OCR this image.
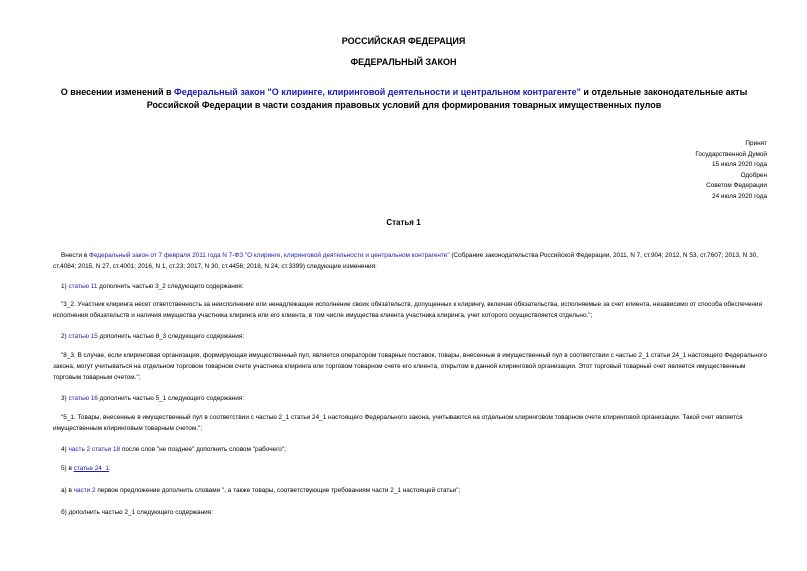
РОССИЙСКАЯ ФЕДЕРАЦИЯ
ФЕДЕРАЛЬНЫЙ ЗАКОН
О внесении изменений в Федеральный закон "О клиринге, клиринговой деятельности и центральном контрагенте" и отдельные законодательные акты Российской Федерации в части создания правовых условий для формирования товарных имущественных пулов
Принят
Государственной Думой
15 июля 2020 года
Одобрен
Советом Федерации
24 июля 2020 года
Статья 1
Внести в Федеральный закон от 7 февраля 2011 года N 7-ФЗ "О клиринге, клиринговой деятельности и центральном контрагенте" (Собрание законодательства Российской Федерации, 2011, N 7, ст.904; 2012, N 53, ст.7607; 2013, N 30, ст.4084; 2015, N 27, ст.4001; 2016, N 1, ст.23; 2017, N 30, ст.4456; 2018, N 24, ст.3399) следующие изменения:
1) статью 11 дополнить частью 3_2 следующего содержания:
"3_2. Участник клиринга несет ответственность за неисполнение или ненадлежащее исполнение своих обязательств, допущенных к клирингу, включая обязательства, исполняемые за счет клиента, независимо от способа обеспечения исполнения обязательств и наличия имущества участника клиринга или его клиента, в том числе имущества клиента участника клиринга, учет которого осуществляется отдельно.";
2) статью 15 дополнить частью 8_3 следующего содержания:
"8_3. В случае, если клиринговая организация, формирующая имущественный пул, является оператором товарных поставок, товары, внесенные в имущественный пул в соответствии с частью 2_1 статьи 24_1 настоящего Федерального закона, могут учитываться на отдельном торговом товарном счете участника клиринга или торговом товарном счете его клиента, открытом в данной клиринговой организации. Этот торговый товарный счет является имущественным торговым товарным счетом.";
3) статью 16 дополнить частью 5_1 следующего содержания:
"5_1. Товары, внесенные в имущественный пул в соответствии с частью 2_1 статьи 24_1 настоящего Федерального закона, учитываются на отдельном клиринговом товарном счете клиринговой организации. Такой счет является имущественным клиринговым товарным счетом.";
4) часть 2 статьи 18 после слов "не позднее" дополнить словом "рабочего";
5) в статье 24_1:
а) в части 2 первое предложение дополнить словами ", а также товары, соответствующие требованиям части 2_1 настоящей статьи";
б) дополнить частью 2_1 следующего содержания:
